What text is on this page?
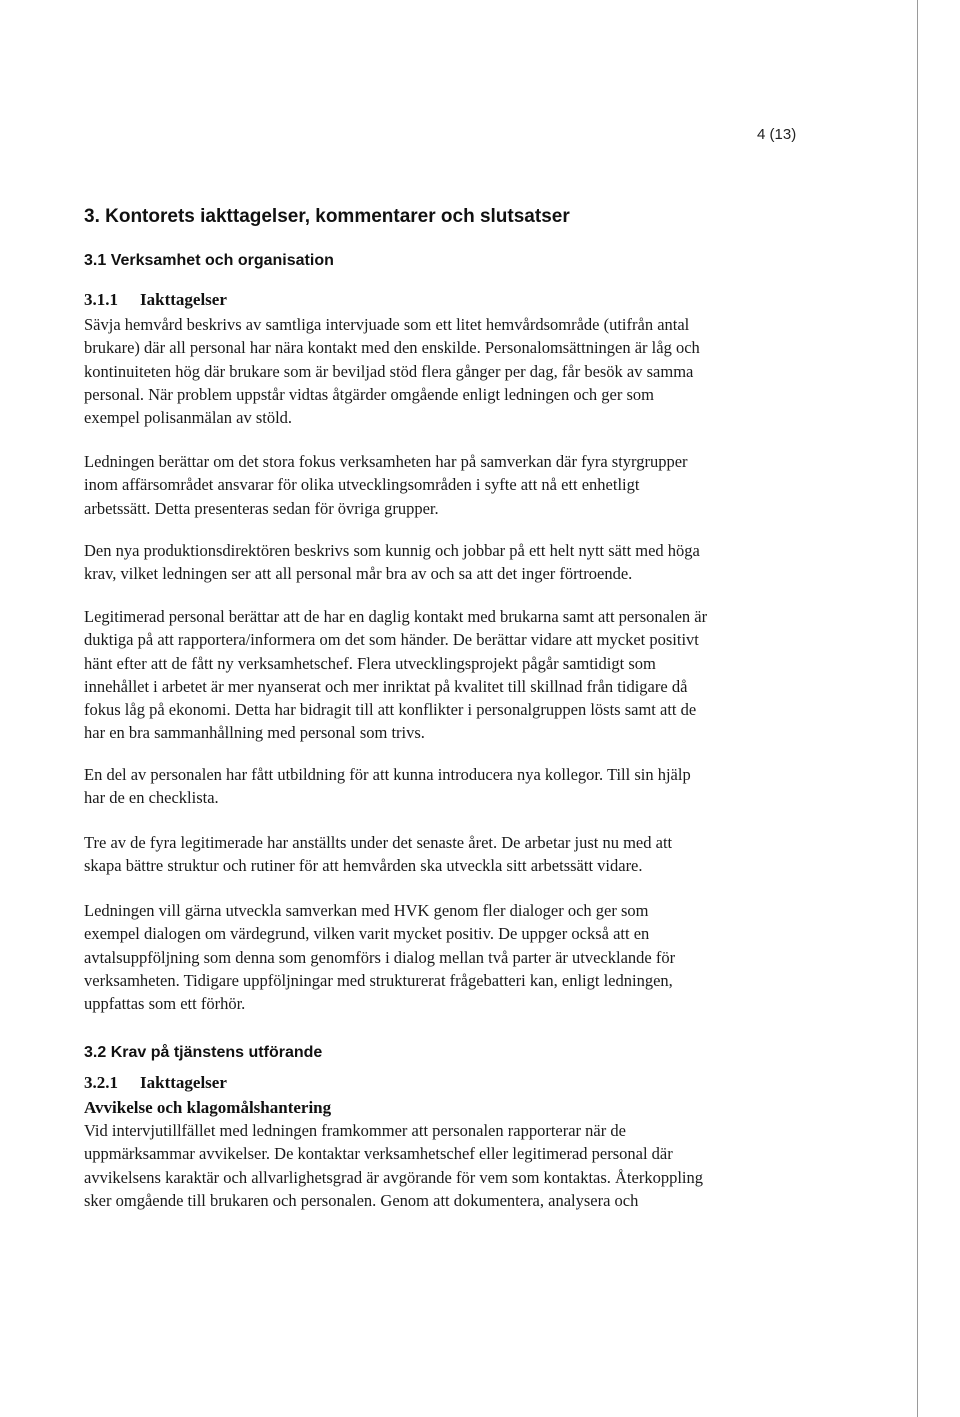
4 (13)
3. Kontorets iakttagelser, kommentarer och slutsatser
3.1 Verksamhet och organisation
3.1.1 Iakttagelser
Sävja hemvård beskrivs av samtliga intervjuade som ett litet hemvårdsområde (utifrån antal
brukare) där all personal har nära kontakt med den enskilde. Personalomsättningen är låg och
kontinuiteten hög där brukare som är beviljad stöd flera gånger per dag, får besök av samma
personal. När problem uppstår vidtas åtgärder omgående enligt ledningen och ger som
exempel polisanmälan av stöld.
Ledningen berättar om det stora fokus verksamheten har på samverkan där fyra styrgrupper
inom affärsområdet ansvarar för olika utvecklingsområden i syfte att nå ett enhetligt
arbetssätt. Detta presenteras sedan för övriga grupper.
Den nya produktionsdirektören beskrivs som kunnig och jobbar på ett helt nytt sätt med höga
krav, vilket ledningen ser att all personal mår bra av och sa att det inger förtroende.
Legitimerad personal berättar att de har en daglig kontakt med brukarna samt att personalen är
duktiga på att rapportera/informera om det som händer. De berättar vidare att mycket positivt
hänt efter att de fått ny verksamhetschef. Flera utvecklingsprojekt pågår samtidigt som
innehållet i arbetet är mer nyanserat och mer inriktat på kvalitet till skillnad från tidigare då
fokus låg på ekonomi. Detta har bidragit till att konflikter i personalgruppen lösts samt att de
har en bra sammanhållning med personal som trivs.
En del av personalen har fått utbildning för att kunna introducera nya kollegor. Till sin hjälp
har de en checklista.
Tre av de fyra legitimerade har anställts under det senaste året. De arbetar just nu med att
skapa bättre struktur och rutiner för att hemvården ska utveckla sitt arbetssätt vidare.
Ledningen vill gärna utveckla samverkan med HVK genom fler dialoger och ger som
exempel dialogen om värdegrund, vilken varit mycket positiv. De uppger också att en
avtalsuppföljning som denna som genomförs i dialog mellan två parter är utvecklande för
verksamheten. Tidigare uppföljningar med strukturerat frågebatteri kan, enligt ledningen,
uppfattas som ett förhör.
3.2 Krav på tjänstens utförande
3.2.1 Iakttagelser
Avvikelse och klagomålshantering
Vid intervjutillfället med ledningen framkommer att personalen rapporterar när de
uppmärksammar avvikelser. De kontaktar verksamhetschef eller legitimerad personal där
avvikelsens karaktär och allvarlighetsgrad är avgörande för vem som kontaktas. Återkoppling
sker omgående till brukaren och personalen. Genom att dokumentera, analysera och
